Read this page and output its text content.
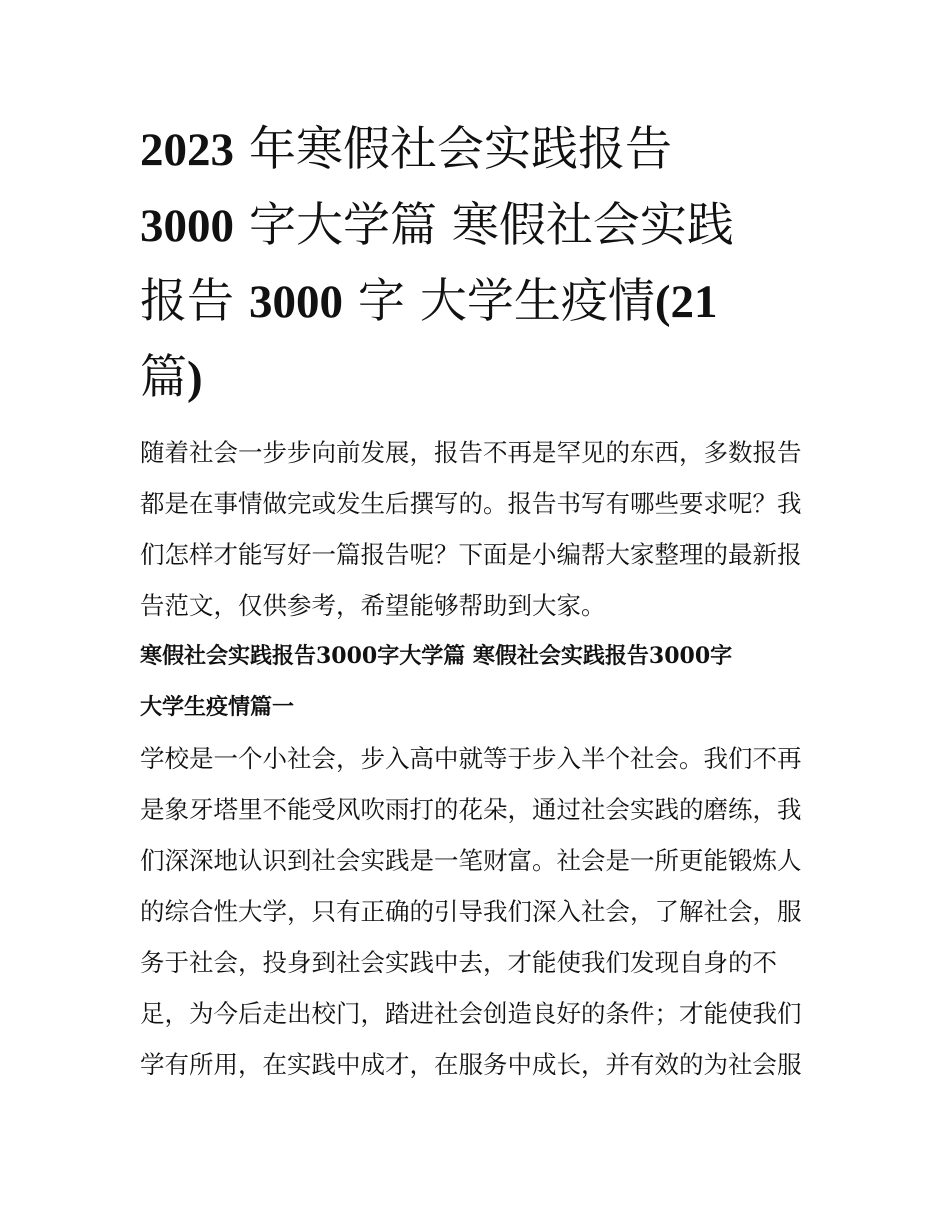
2023 年寒假社会实践报告
3000 字大学篇 寒假社会实践
报告 3000 字 大学生疫情(21
篇)

随着社会一步步向前发展，报告不再是罕见的东西，多数报告
都是在事情做完或发生后撰写的。报告书写有哪些要求呢？我
们怎样才能写好一篇报告呢？下面是小编帮大家整理的最新报
告范文，仅供参考，希望能够帮助到大家。

寒假社会实践报告3000字大学篇 寒假社会实践报告3000字
大学生疫情篇一

学校是一个小社会，步入高中就等于步入半个社会。我们不再
是象牙塔里不能受风吹雨打的花朵，通过社会实践的磨练，我
们深深地认识到社会实践是一笔财富。社会是一所更能锻炼人
的综合性大学，只有正确的引导我们深入社会，了解社会，服
务于社会，投身到社会实践中去，才能使我们发现自身的不
足，为今后走出校门，踏进社会创造良好的条件；才能使我们
学有所用，在实践中成才，在服务中成长，并有效的为社会服
